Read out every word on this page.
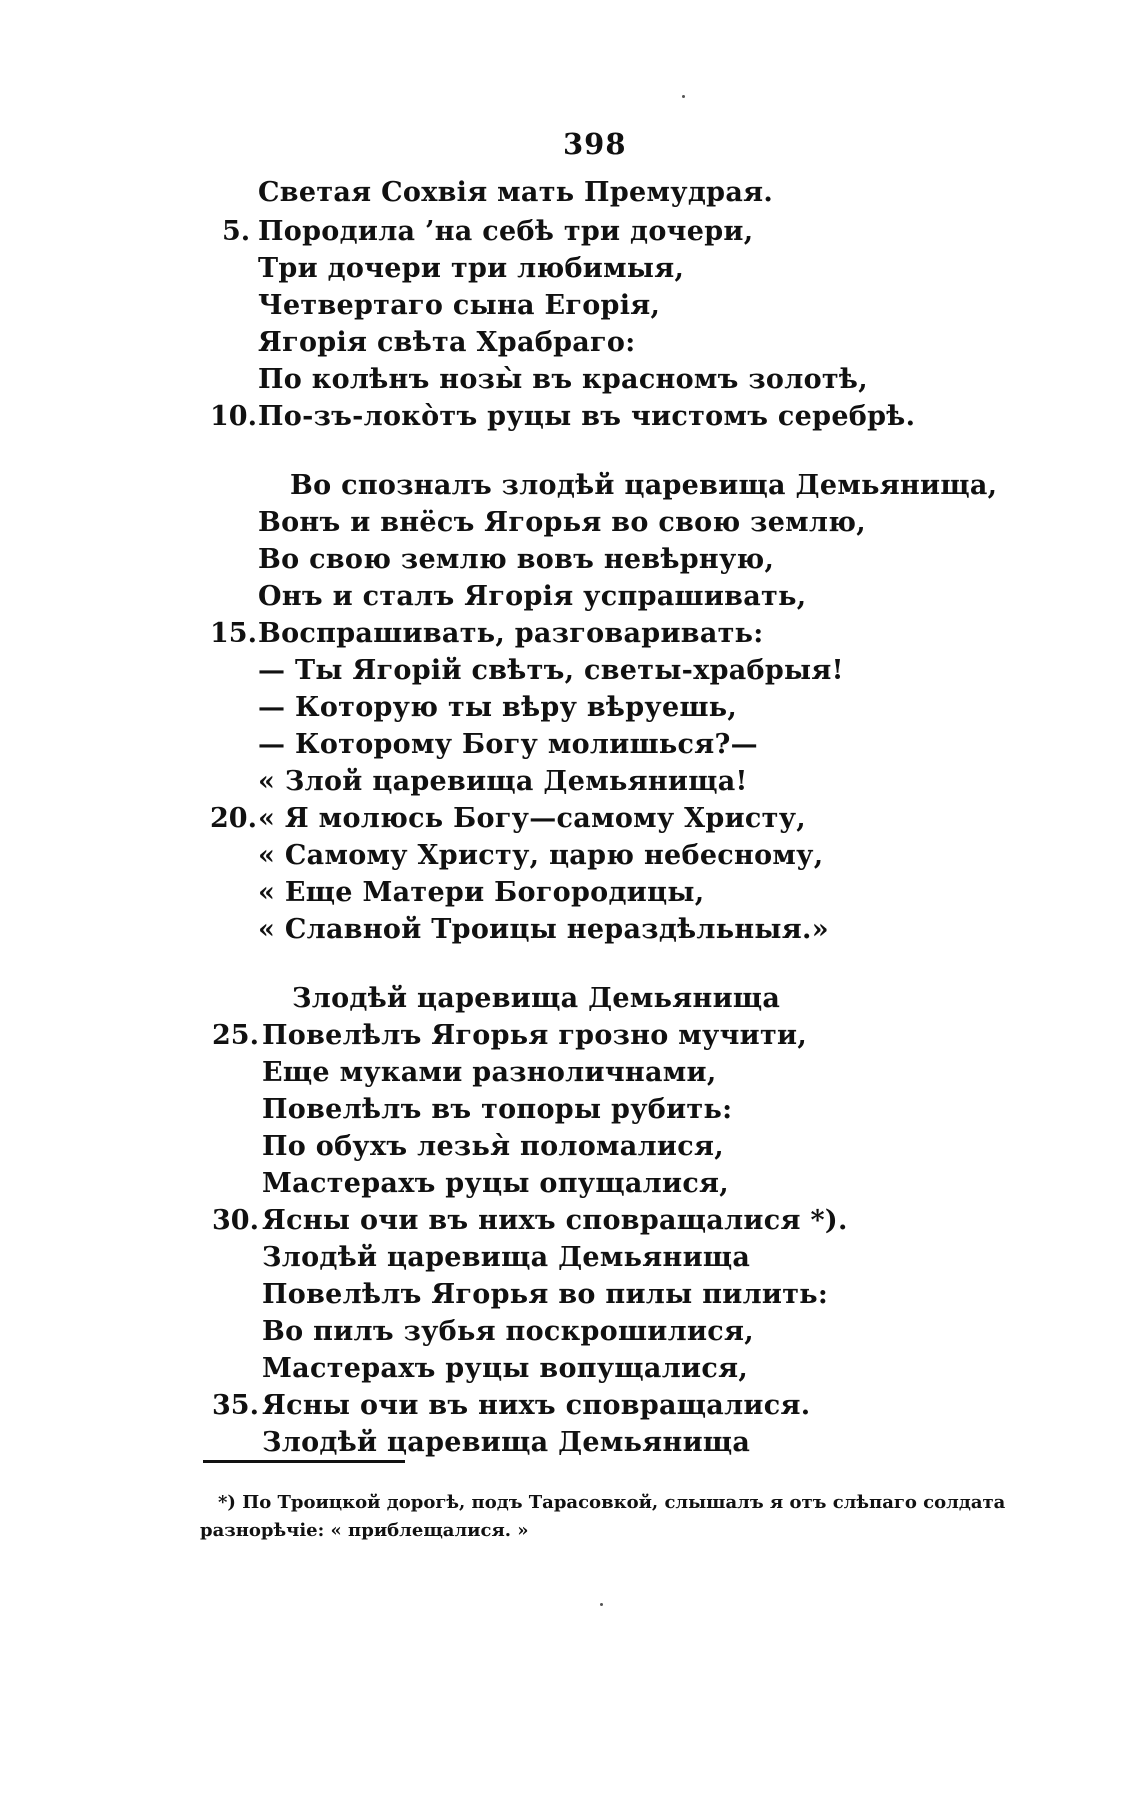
398
Светая Сохвія мать Премудрая.
5. Породила ’на себѣ три дочери,
Три дочери три любимыя,
Четвертаго сына Егорія,
Ягорія свѣта Храбраго:
По колѣнъ нозы̀ въ красномъ золотѣ,
10. По-зъ-локо̀тъ руцы въ чистомъ серебрѣ.
Во спозналъ злодѣй царевища Демьянища,
Вонъ и внёсъ Ягорья во свою землю,
Во свою землю вовъ невѣрную,
Онъ и сталъ Ягорія успрашивать,
15. Воспрашивать, разговаривать:
— Ты Ягорій свѣтъ, светы-храбрыя!
— Которую ты вѣру вѣруешь,
— Которому Богу молишься?—
« Злой царевища Демьянища!
20. « Я молюсь Богу—самому Христу,
« Самому Христу, царю небесному,
« Еще Матери Богородицы,
« Славной Троицы нераздѣльныя.»
Злодѣй царевища Демьянища
25. Повелѣлъ Ягорья грозно мучити,
Еще муками разноличнами,
Повелѣлъ въ топоры рубить:
По обухъ лезья̀ поломалися,
Мастерахъ руцы опущалися,
30. Ясны очи въ нихъ сповращалися *).
Злодѣй царевища Демьянища
Повелѣлъ Ягорья во пилы пилить:
Во пилъ зубья поскрошилися,
Мастерахъ руцы вопущалися,
35. Ясны очи въ нихъ сповращалися.
Злодѣй царевища Демьянища
*) По Троицкой дорогѣ, подъ Тарасовкой, слышалъ я отъ слѣпаго солдата
разнорѣчіе: « приблещалися. »
